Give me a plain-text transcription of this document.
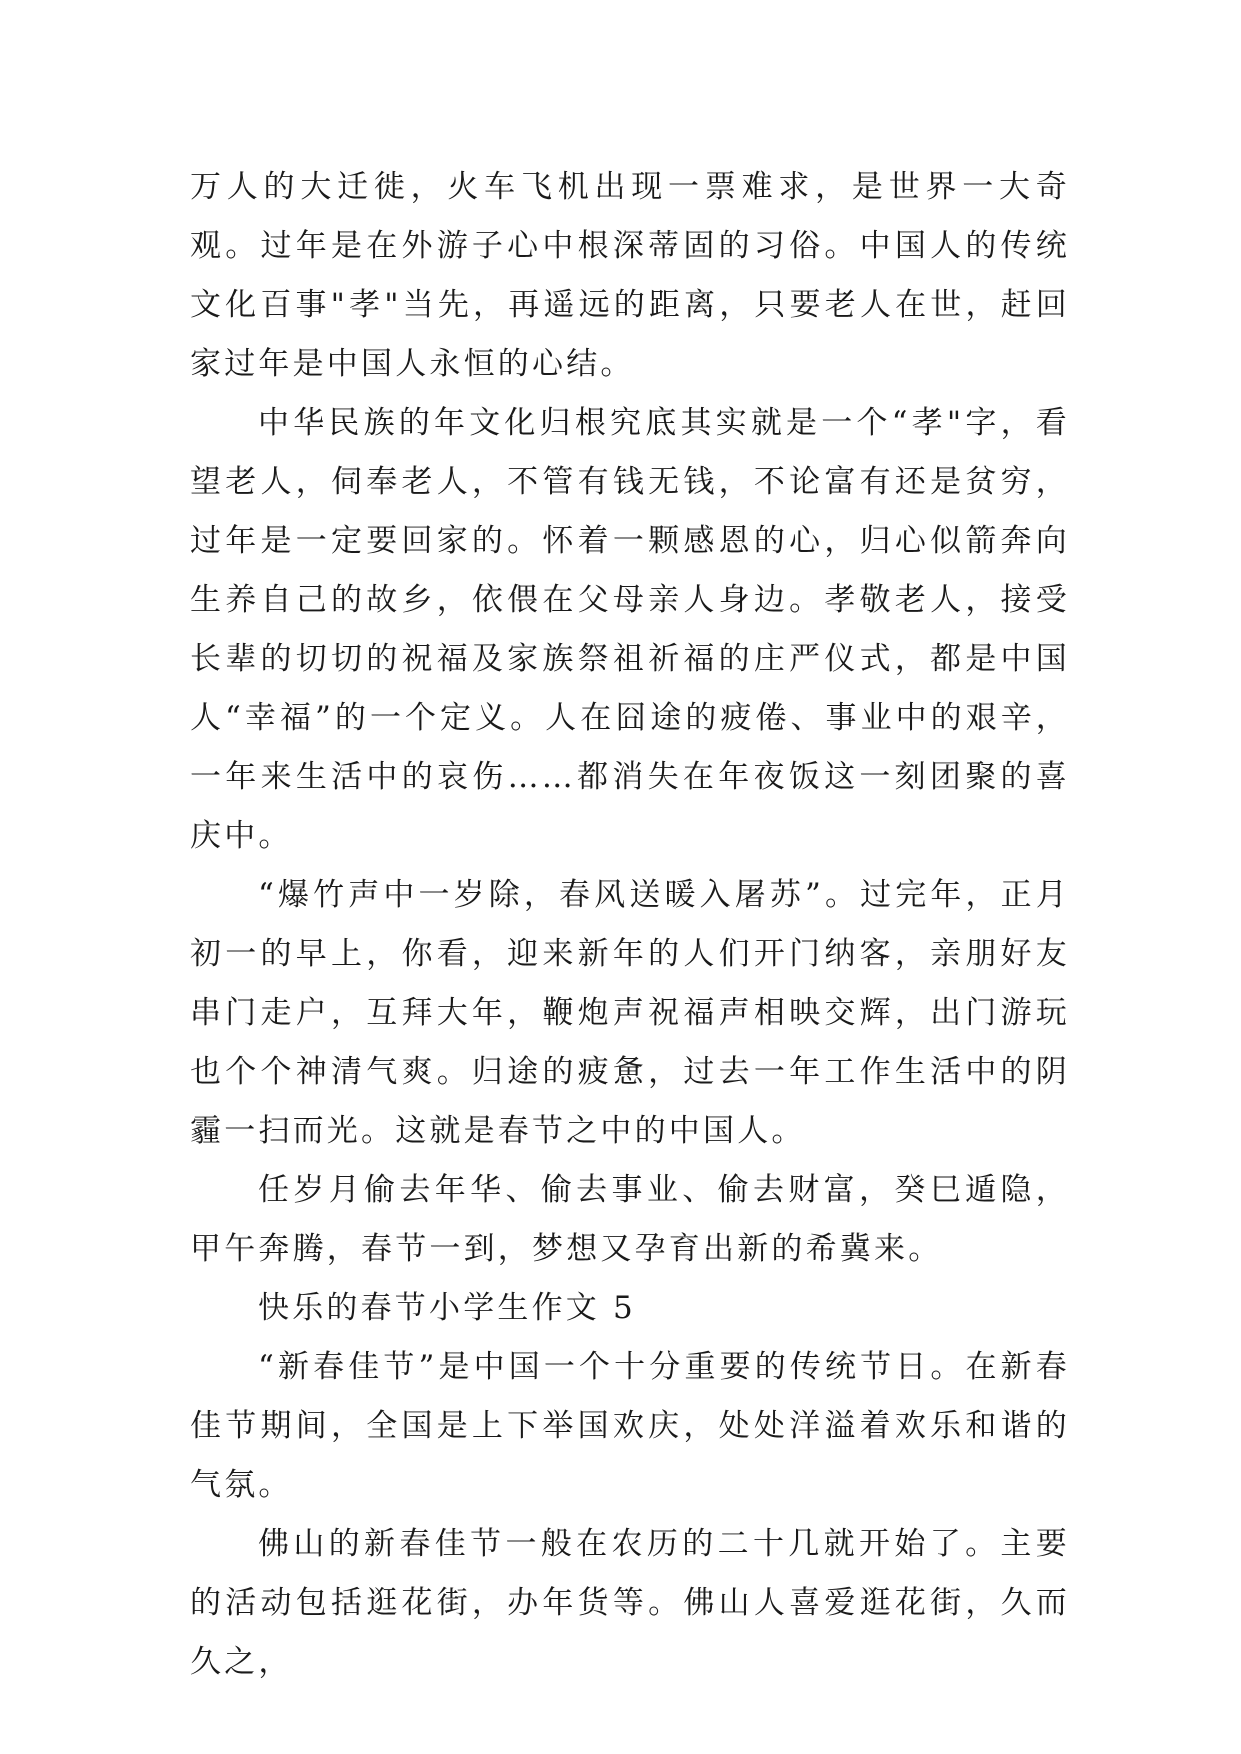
万人的大迁徙，火车飞机出现一票难求，是世界一大奇观。过年是在外游子心中根深蒂固的习俗。中国人的传统文化百事"孝"当先，再遥远的距离，只要老人在世，赶回家过年是中国人永恒的心结。

中华民族的年文化归根究底其实就是一个“孝"字，看望老人，伺奉老人，不管有钱无钱，不论富有还是贫穷，过年是一定要回家的。怀着一颗感恩的心，归心似箭奔向生养自己的故乡，依偎在父母亲人身边。孝敬老人，接受长辈的切切的祝福及家族祭祖祈福的庄严仪式，都是中国人“幸福”的一个定义。人在囧途的疲倦、事业中的艰辛，一年来生活中的哀伤……都消失在年夜饭这一刻团聚的喜庆中。

“爆竹声中一岁除，春风送暖入屠苏”。过完年，正月初一的早上，你看，迎来新年的人们开门纳客，亲朋好友串门走户，互拜大年，鞭炮声祝福声相映交辉，出门游玩也个个神清气爽。归途的疲惫，过去一年工作生活中的阴霾一扫而光。这就是春节之中的中国人。

任岁月偷去年华、偷去事业、偷去财富，癸巳遁隐，甲午奔腾，春节一到，梦想又孕育出新的希冀来。

快乐的春节小学生作文 5

“新春佳节”是中国一个十分重要的传统节日。在新春佳节期间，全国是上下举国欢庆，处处洋溢着欢乐和谐的气氛。

佛山的新春佳节一般在农历的二十几就开始了。主要的活动包括逛花街，办年货等。佛山人喜爱逛花街，久而久之，
